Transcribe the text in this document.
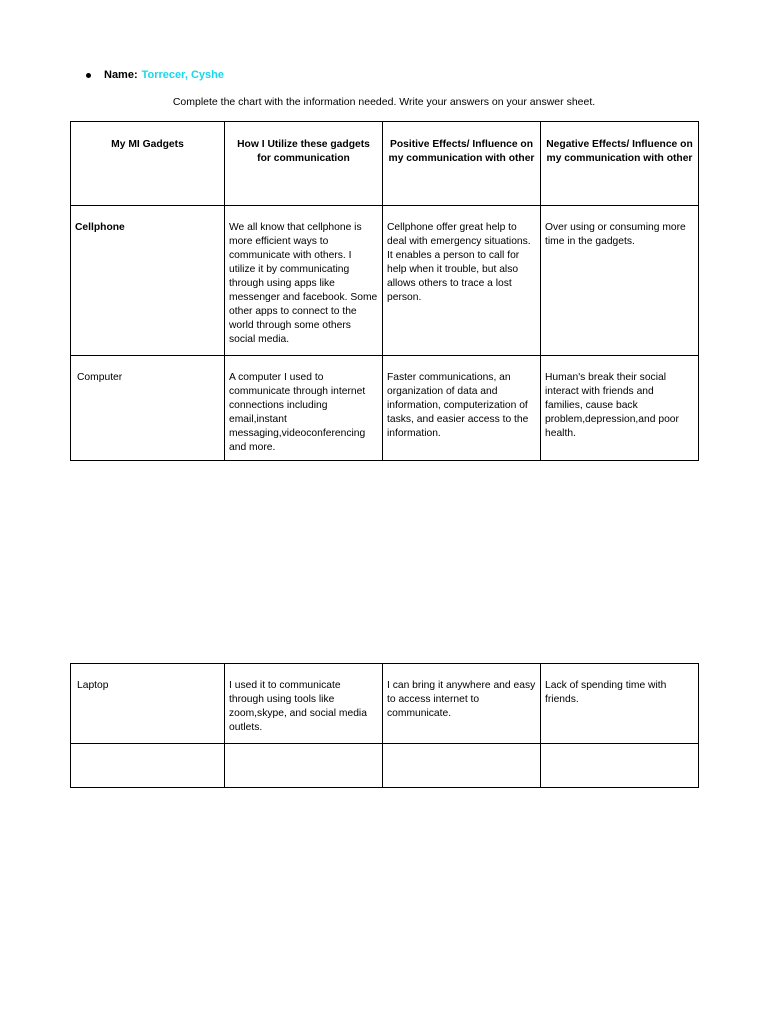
Name: Torrecer, Cyshe
Complete the chart with the information needed. Write your answers on your answer sheet.
My MI Gadgets	How I Utilize these gadgets for communication	Positive Effects/ Influence on my communication with other	Negative Effects/ Influence on my communication with other
Cellphone	We all know that cellphone is more efficient ways to communicate with others. I utilize it by communicating through using apps like messenger and facebook. Some other apps to connect to the world through some others social media.	Cellphone offer great help to deal with emergency situations. It enables a person to call for help when it trouble, but also allows others to trace a lost person.	Over using or consuming more time in the gadgets.
Computer	A computer I used to communicate through internet connections including email,instant messaging,videoconferencing and more.	Faster communications, an organization of data and information, computerization of tasks, and easier access to the information.	Human's break their social interact with friends and families, cause back problem,depression,and poor health.
Laptop	I used it to communicate through using tools like zoom,skype, and social media outlets.	I can bring it anywhere and easy to access internet to communicate.	Lack of spending time with friends.
